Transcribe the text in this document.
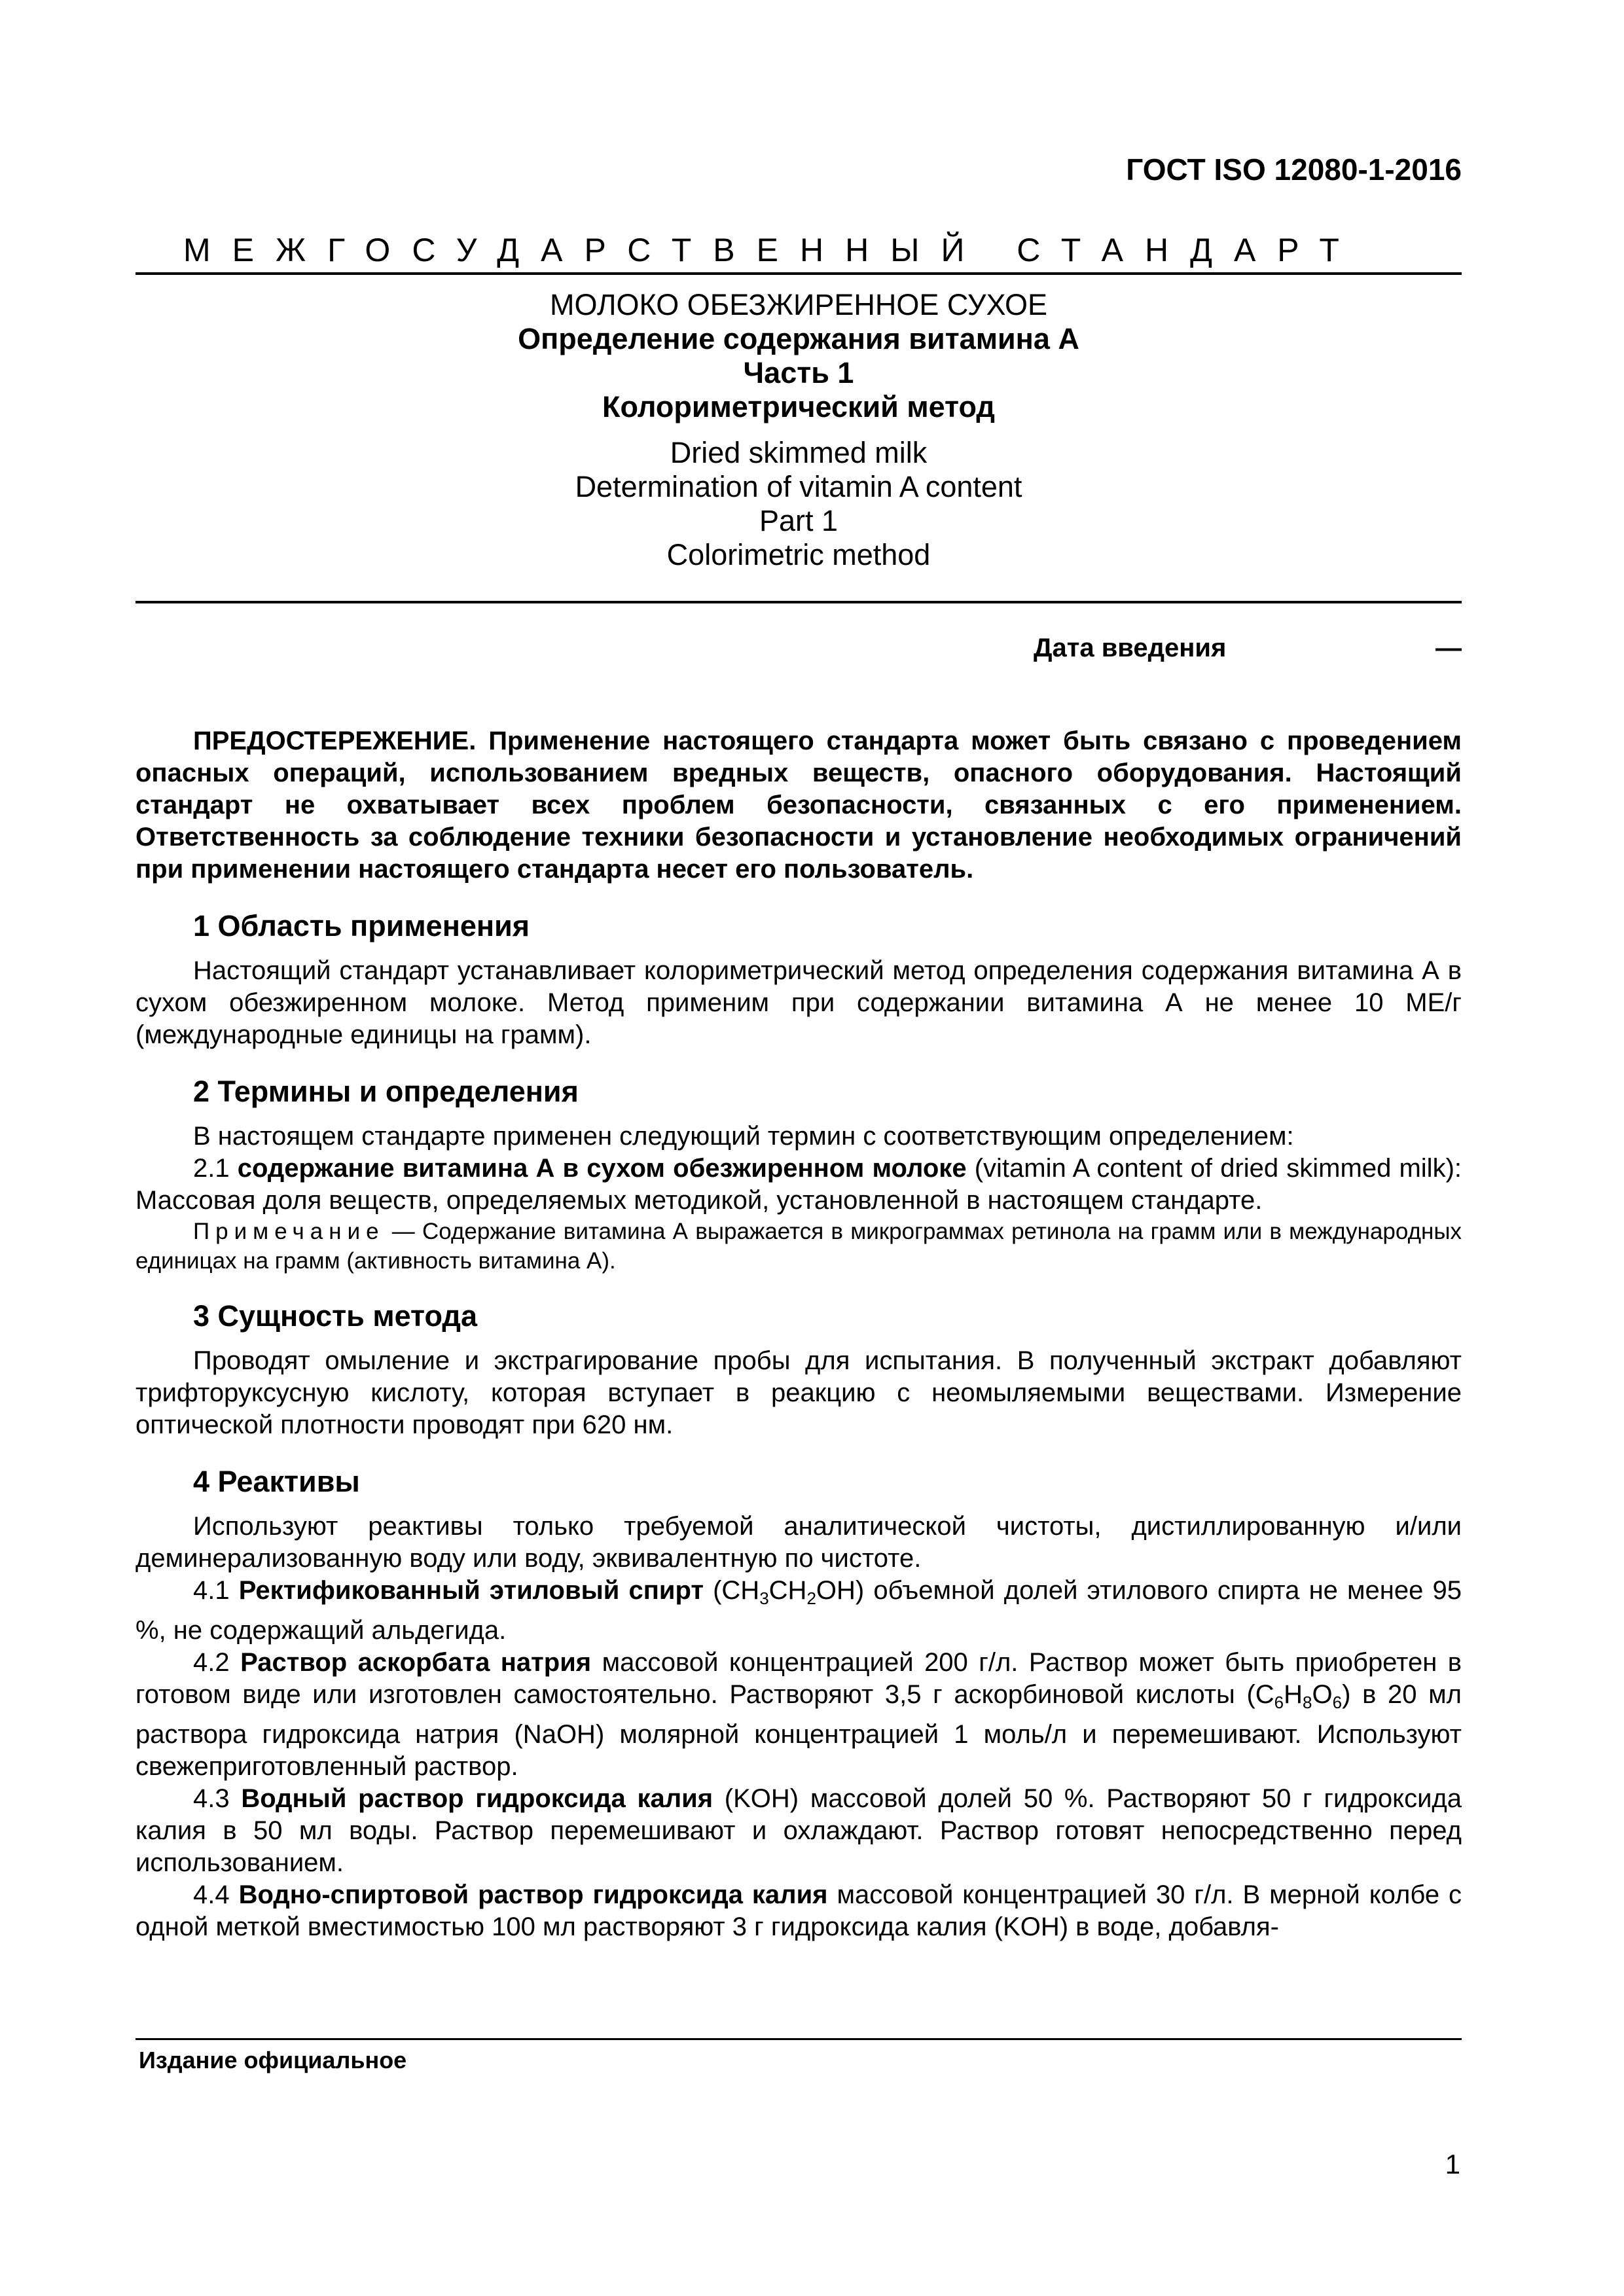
ГОСТ ISO 12080-1-2016
МЕЖГОСУДАРСТВЕННЫЙ СТАНДАРТ
МОЛОКО ОБЕЗЖИРЕННОЕ СУХОЕ
Определение содержания витамина А
Часть 1
Колориметрический метод
Dried skimmed milk
Determination of vitamin A content
Part 1
Colorimetric method
Дата введения	—

ПРЕДОСТЕРЕЖЕНИЕ. Применение настоящего стандарта может быть связано с проведением опасных операций, использованием вредных веществ, опасного оборудования. Настоящий стандарт не охватывает всех проблем безопасности, связанных с его применением. Ответственность за соблюдение техники безопасности и установление необходимых ограничений при применении настоящего стандарта несет его пользователь.

1 Область применения

Настоящий стандарт устанавливает колориметрический метод определения содержания витамина А в сухом обезжиренном молоке. Метод применим при содержании витамина А не менее 10 МЕ/г (международные единицы на грамм).

2 Термины и определения

В настоящем стандарте применен следующий термин с соответствующим определением:

2.1 содержание витамина А в сухом обезжиренном молоке (vitamin A content of dried skimmed milk): Массовая доля веществ, определяемых методикой, установленной в настоящем стандарте.

Примечание — Содержание витамина А выражается в микрограммах ретинола на грамм или в международных единицах на грамм (активность витамина А).

3 Сущность метода

Проводят омыление и экстрагирование пробы для испытания. В полученный экстракт добавляют трифторуксусную кислоту, которая вступает в реакцию с неомыляемыми веществами. Измерение оптической плотности проводят при 620 нм.

4 Реактивы

Используют реактивы только требуемой аналитической чистоты, дистиллированную и/или деминерализованную воду или воду, эквивалентную по чистоте.

4.1 Ректификованный этиловый спирт $(CH_3CH_2OH)$ объемной долей этилового спирта не менее 95 %, не содержащий альдегида.

4.2 Раствор аскорбата натрия массовой концентрацией 200 г/л. Раствор может быть приобретен в готовом виде или изготовлен самостоятельно. Растворяют 3,5 г аскорбиновой кислоты $(C_6H_8O_6)$ в 20 мл раствора гидроксида натрия (NaOH) молярной концентрацией 1 моль/л и перемешивают. Используют свежеприготовленный раствор.

4.3 Водный раствор гидроксида калия (KOH) массовой долей 50 %. Растворяют 50 г гидроксида калия в 50 мл воды. Раствор перемешивают и охлаждают. Раствор готовят непосредственно перед использованием.

4.4 Водно-спиртовой раствор гидроксида калия массовой концентрацией 30 г/л. В мерной колбе с одной меткой вместимостью 100 мл растворяют 3 г гидроксида калия (KOH) в воде, добавля-

Издание официальное
1
